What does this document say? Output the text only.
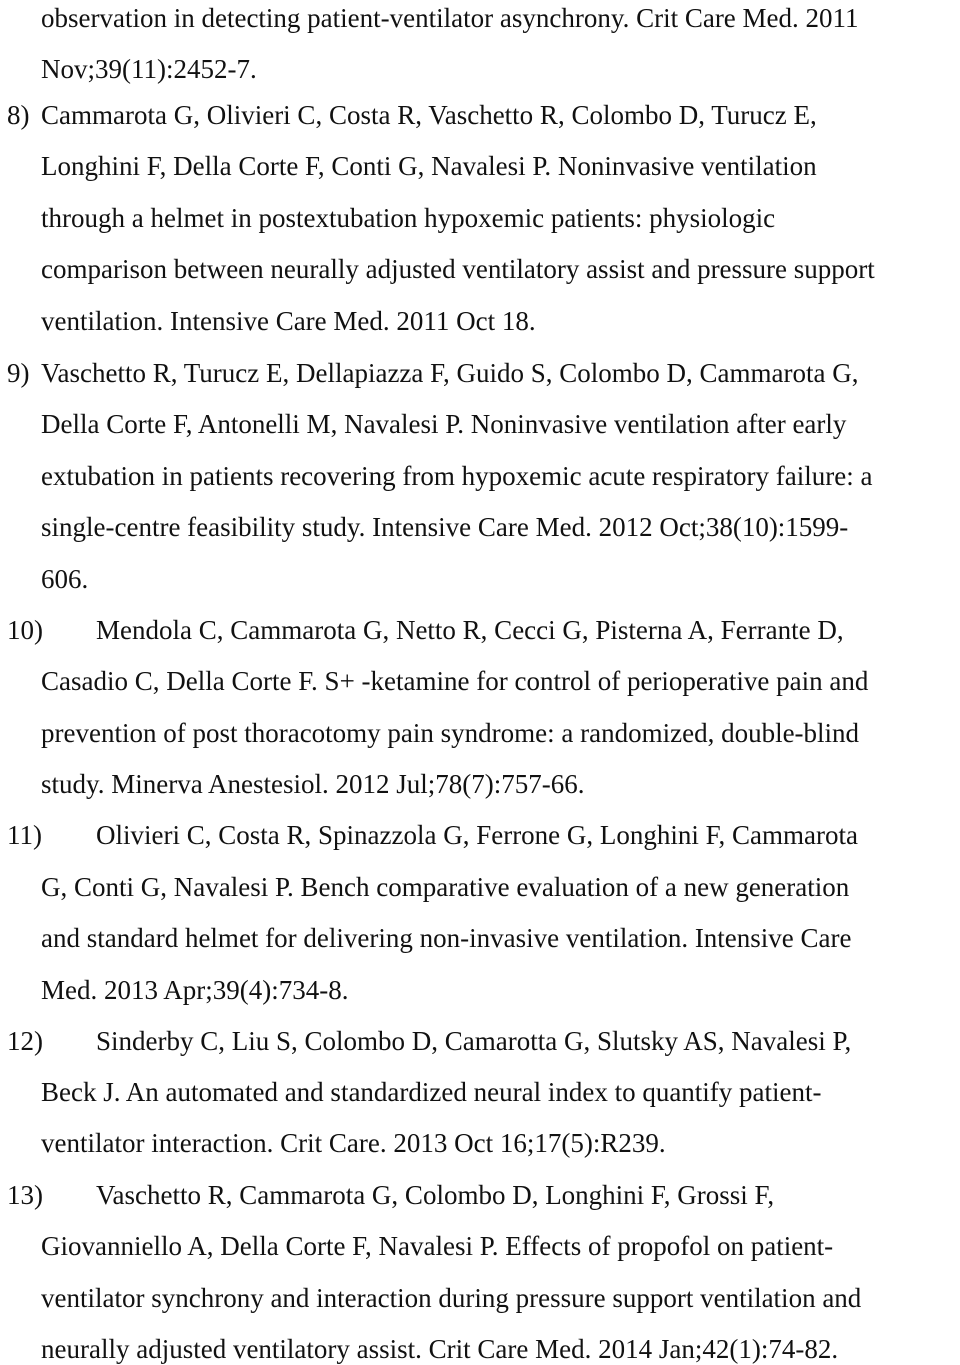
observation in detecting patient-ventilator asynchrony. Crit Care Med. 2011
Nov;39(11):2452-7.
8) Cammarota G, Olivieri C, Costa R, Vaschetto R, Colombo D, Turucz E,
Longhini F, Della Corte F, Conti G, Navalesi P. Noninvasive ventilation
through a helmet in postextubation hypoxemic patients: physiologic
comparison between neurally adjusted ventilatory assist and pressure support
ventilation. Intensive Care Med. 2011 Oct 18.
9) Vaschetto R, Turucz E, Dellapiazza F, Guido S, Colombo D, Cammarota G,
Della Corte F, Antonelli M, Navalesi P. Noninvasive ventilation after early
extubation in patients recovering from hypoxemic acute respiratory failure: a
single-centre feasibility study. Intensive Care Med. 2012 Oct;38(10):1599-
606.
10) Mendola C, Cammarota G, Netto R, Cecci G, Pisterna A, Ferrante D,
Casadio C, Della Corte F. S+ -ketamine for control of perioperative pain and
prevention of post thoracotomy pain syndrome: a randomized, double-blind
study. Minerva Anestesiol. 2012 Jul;78(7):757-66.
11) Olivieri C, Costa R, Spinazzola G, Ferrone G, Longhini F, Cammarota
G, Conti G, Navalesi P. Bench comparative evaluation of a new generation
and standard helmet for delivering non-invasive ventilation. Intensive Care
Med. 2013 Apr;39(4):734-8.
12) Sinderby C, Liu S, Colombo D, Camarotta G, Slutsky AS, Navalesi P,
Beck J. An automated and standardized neural index to quantify patient-
ventilator interaction. Crit Care. 2013 Oct 16;17(5):R239.
13) Vaschetto R, Cammarota G, Colombo D, Longhini F, Grossi F,
Giovanniello A, Della Corte F, Navalesi P. Effects of propofol on patient-
ventilator synchrony and interaction during pressure support ventilation and
neurally adjusted ventilatory assist. Crit Care Med. 2014 Jan;42(1):74-82.
